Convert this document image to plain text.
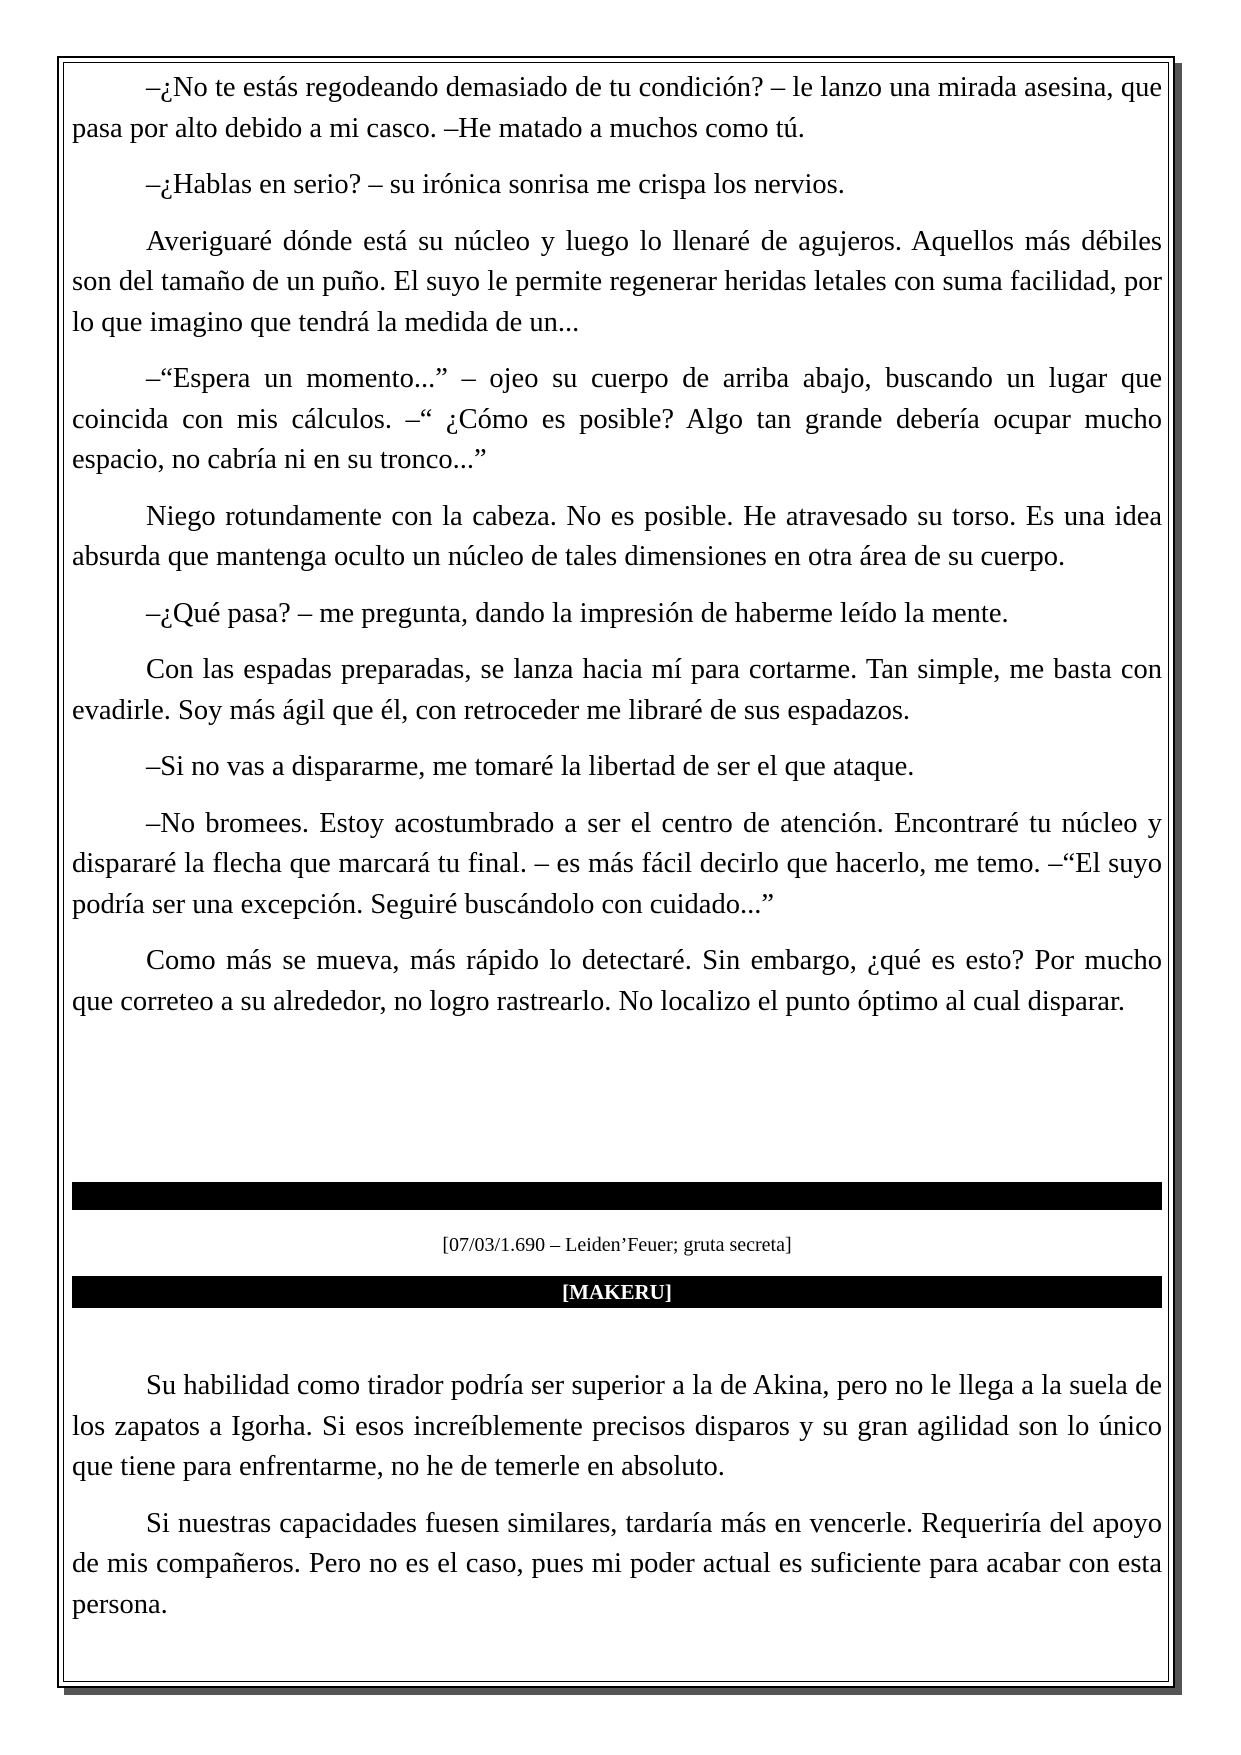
–¿No te estás regodeando demasiado de tu condición? – le lanzo una mirada asesina, que pasa por alto debido a mi casco. –He matado a muchos como tú.

–¿Hablas en serio? – su irónica sonrisa me crispa los nervios.

Averiguaré dónde está su núcleo y luego lo llenaré de agujeros. Aquellos más débiles son del tamaño de un puño. El suyo le permite regenerar heridas letales con suma facilidad, por lo que imagino que tendrá la medida de un...

–“Espera un momento...” – ojeo su cuerpo de arriba abajo, buscando un lugar que coincida con mis cálculos. –“ ¿Cómo es posible? Algo tan grande debería ocupar mucho espacio, no cabría ni en su tronco...”

Niego rotundamente con la cabeza. No es posible. He atravesado su torso. Es una idea absurda que mantenga oculto un núcleo de tales dimensiones en otra área de su cuerpo.

–¿Qué pasa? – me pregunta, dando la impresión de haberme leído la mente.

Con las espadas preparadas, se lanza hacia mí para cortarme. Tan simple, me basta con evadirle. Soy más ágil que él, con retroceder me libraré de sus espadazos.

–Si no vas a dispararme, me tomaré la libertad de ser el que ataque.

–No bromees. Estoy acostumbrado a ser el centro de atención. Encontraré tu núcleo y dispararé la flecha que marcará tu final. – es más fácil decirlo que hacerlo, me temo. –“El suyo podría ser una excepción. Seguiré buscándolo con cuidado...”

Como más se mueva, más rápido lo detectaré. Sin embargo, ¿qué es esto? Por mucho que correteo a su alrededor, no logro rastrearlo. No localizo el punto óptimo al cual disparar.

[07/03/1.690 – Leiden’Feuer; gruta secreta]
[MAKERU]

Su habilidad como tirador podría ser superior a la de Akina, pero no le llega a la suela de los zapatos a Igorha. Si esos increíblemente precisos disparos y su gran agilidad son lo único que tiene para enfrentarme, no he de temerle en absoluto.

Si nuestras capacidades fuesen similares, tardaría más en vencerle. Requeriría del apoyo de mis compañeros. Pero no es el caso, pues mi poder actual es suficiente para acabar con esta persona.
